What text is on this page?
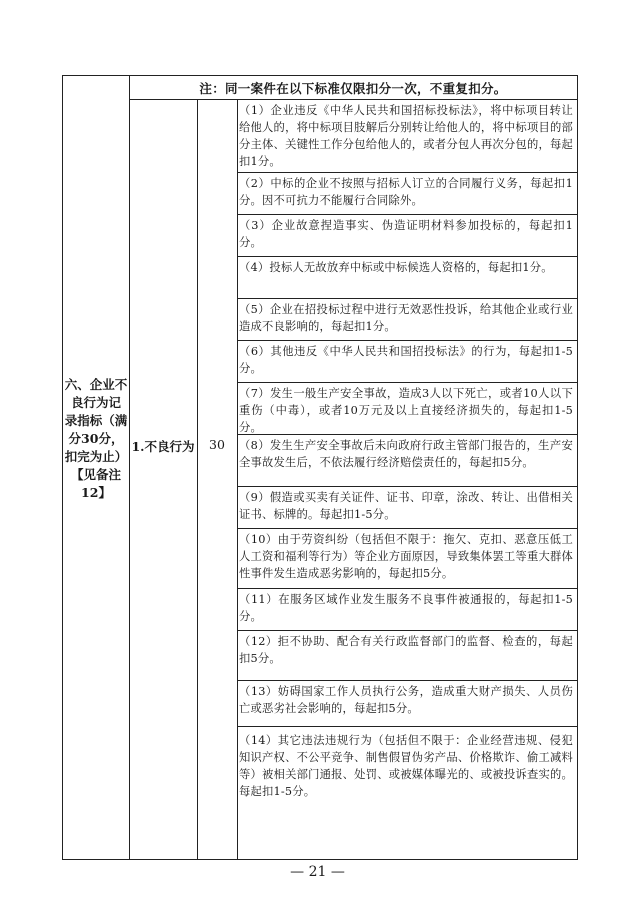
注：同一案件在以下标准仅限扣分一次，不重复扣分。
六、企业不
良行为记
录指标（满
分30分，
扣完为止）
【见备注
12】
1.不良行为	30
（1）企业违反《中华人民共和国招标投标法》，将中标项目转让给他人的，将中标项目肢解后分别转让给他人的，将中标项目的部分主体、关键性工作分包给他人的，或者分包人再次分包的，每起扣1分。
（2）中标的企业不按照与招标人订立的合同履行义务，每起扣1分。因不可抗力不能履行合同除外。
（3）企业故意捏造事实、伪造证明材料参加投标的，每起扣1分。
（4）投标人无故放弃中标或中标候选人资格的，每起扣1分。
（5）企业在招投标过程中进行无效恶性投诉，给其他企业或行业造成不良影响的，每起扣1分。
（6）其他违反《中华人民共和国招投标法》的行为，每起扣1-5分。
（7）发生一般生产安全事故，造成3人以下死亡，或者10人以下重伤（中毒），或者10万元及以上直接经济损失的，每起扣1-5分。
（8）发生生产安全事故后未向政府行政主管部门报告的，生产安全事故发生后，不依法履行经济赔偿责任的，每起扣5分。
（9）假造或买卖有关证件、证书、印章，涂改、转让、出借相关证书、标牌的。每起扣1-5分。
（10）由于劳资纠纷（包括但不限于：拖欠、克扣、恶意压低工人工资和福利等行为）等企业方面原因，导致集体罢工等重大群体性事件发生造成恶劣影响的，每起扣5分。
（11）在服务区域作业发生服务不良事件被通报的，每起扣1-5分。
（12）拒不协助、配合有关行政监督部门的监督、检查的，每起扣5分。
（13）妨碍国家工作人员执行公务，造成重大财产损失、人员伤亡或恶劣社会影响的，每起扣5分。
（14）其它违法违规行为（包括但不限于：企业经营违规、侵犯知识产权、不公平竞争、制售假冒伪劣产品、价格欺诈、偷工减料等）被相关部门通报、处罚、或被媒体曝光的、或被投诉查实的。每起扣1-5分。
— 21 —
